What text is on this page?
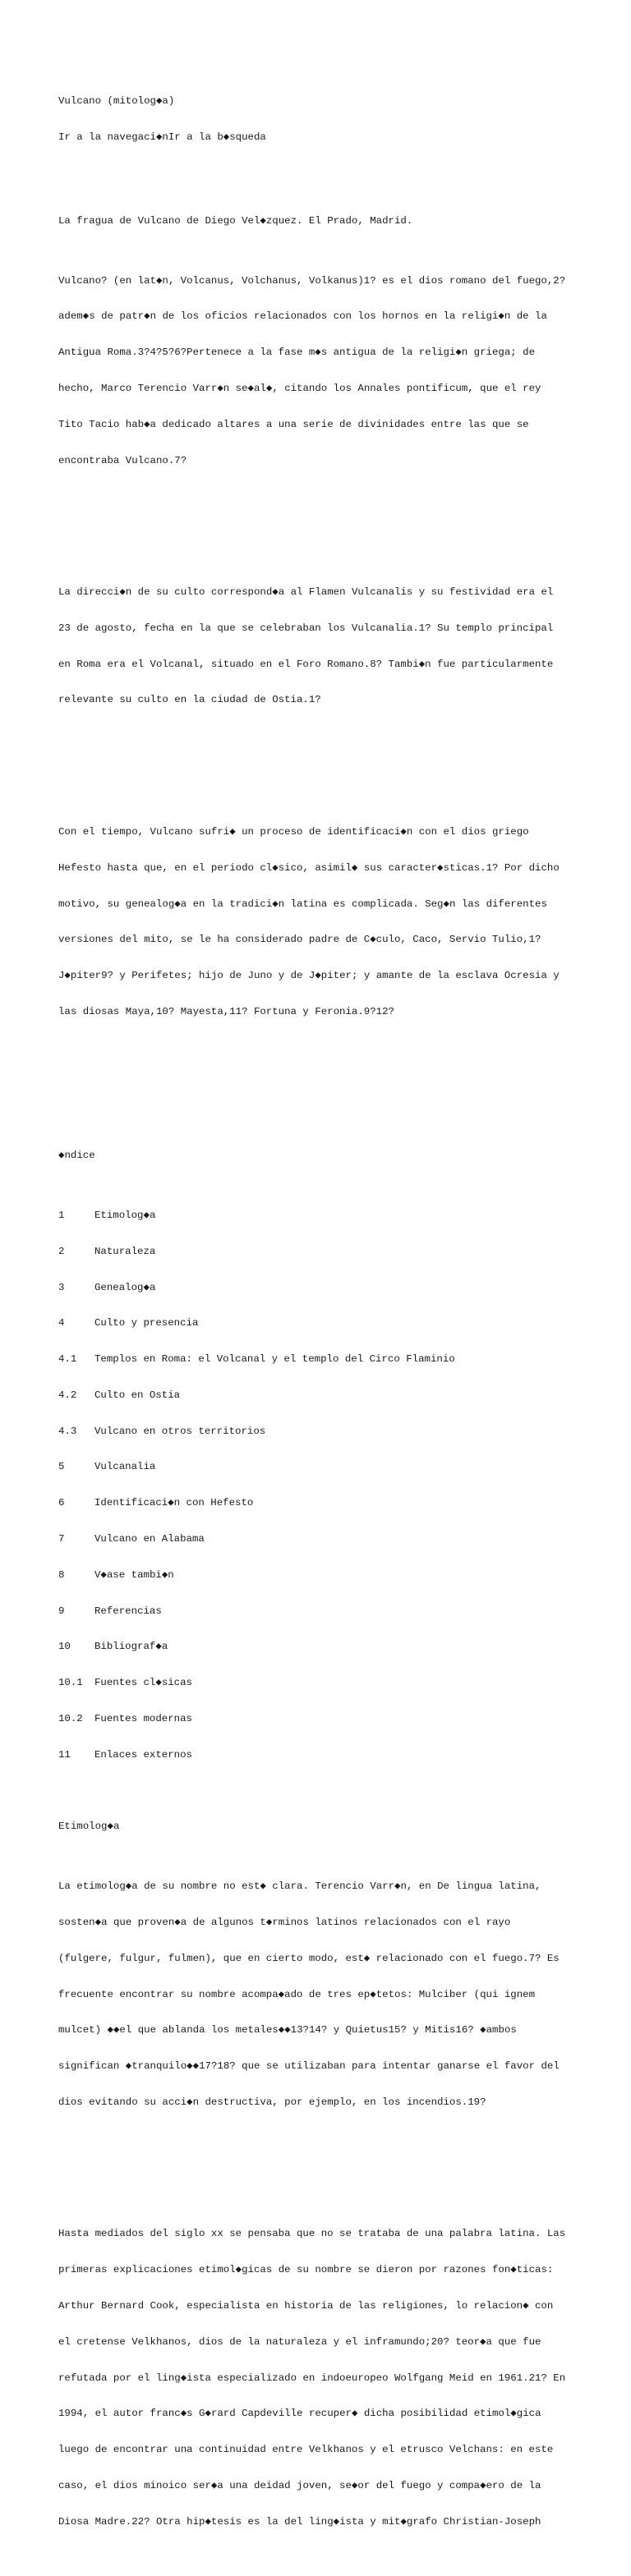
Vulcano (mitolog◆a)

Ir a la navegaci◆nIr a la b◆squeda

La fragua de Vulcano de Diego Vel◆zquez. El Prado, Madrid.

Vulcano? (en lat◆n, Volcanus, Volchanus, Volkanus)1? es el dios romano del fuego,2?

adem◆s de patr◆n de los oficios relacionados con los hornos en la religi◆n de la

Antigua Roma.3?4?5?6?Pertenece a la fase m◆s antigua de la religi◆n griega; de

hecho, Marco Terencio Varr◆n se◆al◆, citando los Annales pontificum, que el rey

Tito Tacio hab◆a dedicado altares a una serie de divinidades entre las que se

encontraba Vulcano.7?

La direcci◆n de su culto correspond◆a al Flamen Vulcanalis y su festividad era el

23 de agosto, fecha en la que se celebraban los Vulcanalia.1? Su templo principal

en Roma era el Volcanal, situado en el Foro Romano.8? Tambi◆n fue particularmente

relevante su culto en la ciudad de Ostia.1?

Con el tiempo, Vulcano sufri◆ un proceso de identificaci◆n con el dios griego

Hefesto hasta que, en el periodo cl◆sico, asimil◆ sus caracter◆sticas.1? Por dicho

motivo, su genealog◆a en la tradici◆n latina es complicada. Seg◆n las diferentes

versiones del mito, se le ha considerado padre de C◆culo, Caco, Servio Tulio,1?

J◆piter9? y Perifetes; hijo de Juno y de J◆piter; y amante de la esclava Ocresia y

las diosas Maya,10? Mayesta,11? Fortuna y Feronia.9?12?

◆ndice

1	Etimolog◆a

2	Naturaleza

3	Genealog◆a

4	Culto y presencia

4.1	Templos en Roma: el Volcanal y el templo del Circo Flaminio

4.2	Culto en Ostia

4.3	Vulcano en otros territorios

5	Vulcanalia

6	Identificaci◆n con Hefesto

7	Vulcano en Alabama

8	V◆ase tambi◆n

9	Referencias

10	Bibliograf◆a

10.1	Fuentes cl◆sicas

10.2	Fuentes modernas

11	Enlaces externos

Etimolog◆a

La etimolog◆a de su nombre no est◆ clara. Terencio Varr◆n, en De lingua latina,

sosten◆a que proven◆a de algunos t◆rminos latinos relacionados con el rayo

(fulgere, fulgur, fulmen), que en cierto modo, est◆ relacionado con el fuego.7? Es

frecuente encontrar su nombre acompa◆ado de tres ep◆tetos: Mulciber (qui ignem

mulcet) ◆◆el que ablanda los metales◆◆13?14? y Quietus15? y Mitis16? ◆ambos

significan ◆tranquilo◆◆17?18? que se utilizaban para intentar ganarse el favor del

dios evitando su acci◆n destructiva, por ejemplo, en los incendios.19?

Hasta mediados del siglo xx se pensaba que no se trataba de una palabra latina. Las

primeras explicaciones etimol◆gicas de su nombre se dieron por razones fon◆ticas:

Arthur Bernard Cook, especialista en historia de las religiones, lo relacion◆ con

el cretense Velkhanos, dios de la naturaleza y el inframundo;20? teor◆a que fue

refutada por el ling◆ista especializado en indoeuropeo Wolfgang Meid en 1961.21? En

1994, el autor franc◆s G◆rard Capdeville recuper◆ dicha posibilidad etimol◆gica

luego de encontrar una continuidad entre Velkhanos y el etrusco Velchans: en este

caso, el dios minoico ser◆a una deidad joven, se◆or del fuego y compa◆ero de la

Diosa Madre.22? Otra hip◆tesis es la del ling◆ista y mit◆grafo Christian-Joseph
